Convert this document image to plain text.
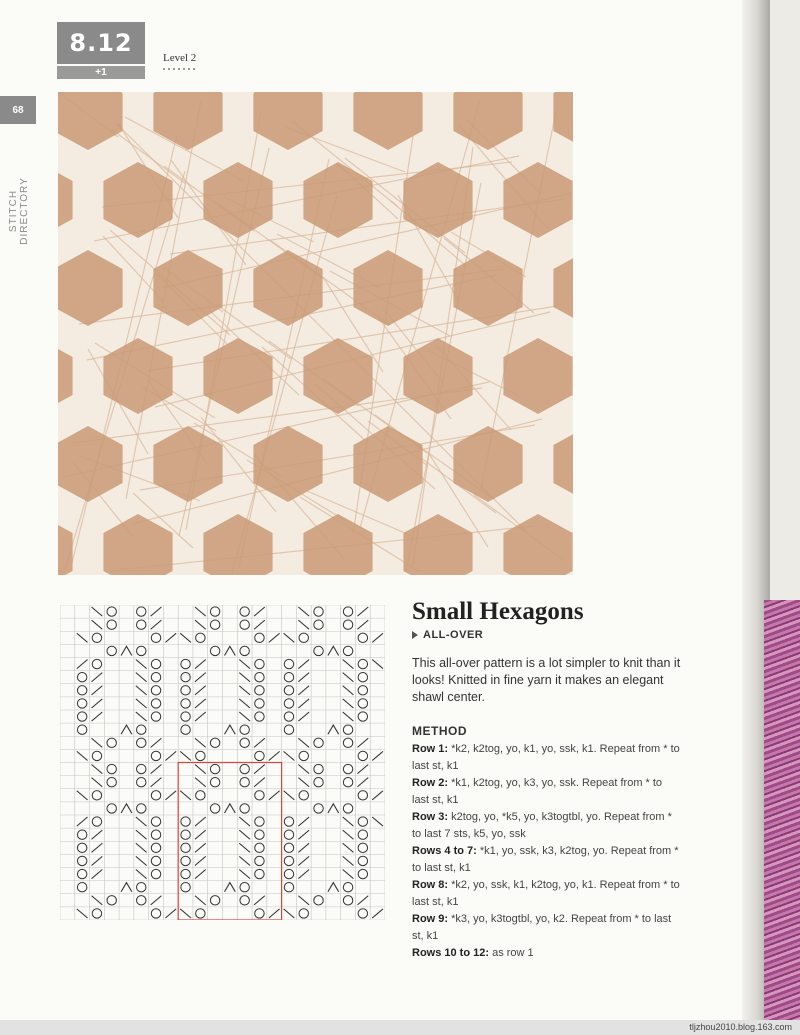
8.12
+1
Level 2
68
STITCH DIRECTORY
Small Hexagons
ALL-OVER

This all-over pattern is a lot simpler to knit than it looks! Knitted in fine yarn it makes an elegant shawl center.

METHOD
Row 1: *k2, k2tog, yo, k1, yo, ssk, k1. Repeat from * to last st, k1
Row 2: *k1, k2tog, yo, k3, yo, ssk. Repeat from * to last st, k1
Row 3: k2tog, yo, *k5, yo, k3togtbl, yo. Repeat from * to last 7 sts, k5, yo, ssk
Rows 4 to 7: *k1, yo, ssk, k3, k2tog, yo. Repeat from * to last st, k1
Row 8: *k2, yo, ssk, k1, k2tog, yo, k1. Repeat from * to last st, k1
Row 9: *k3, yo, k3togtbl, yo, k2. Repeat from * to last st, k1
Rows 10 to 12: as row 1
tljzhou2010.blog.163.com
